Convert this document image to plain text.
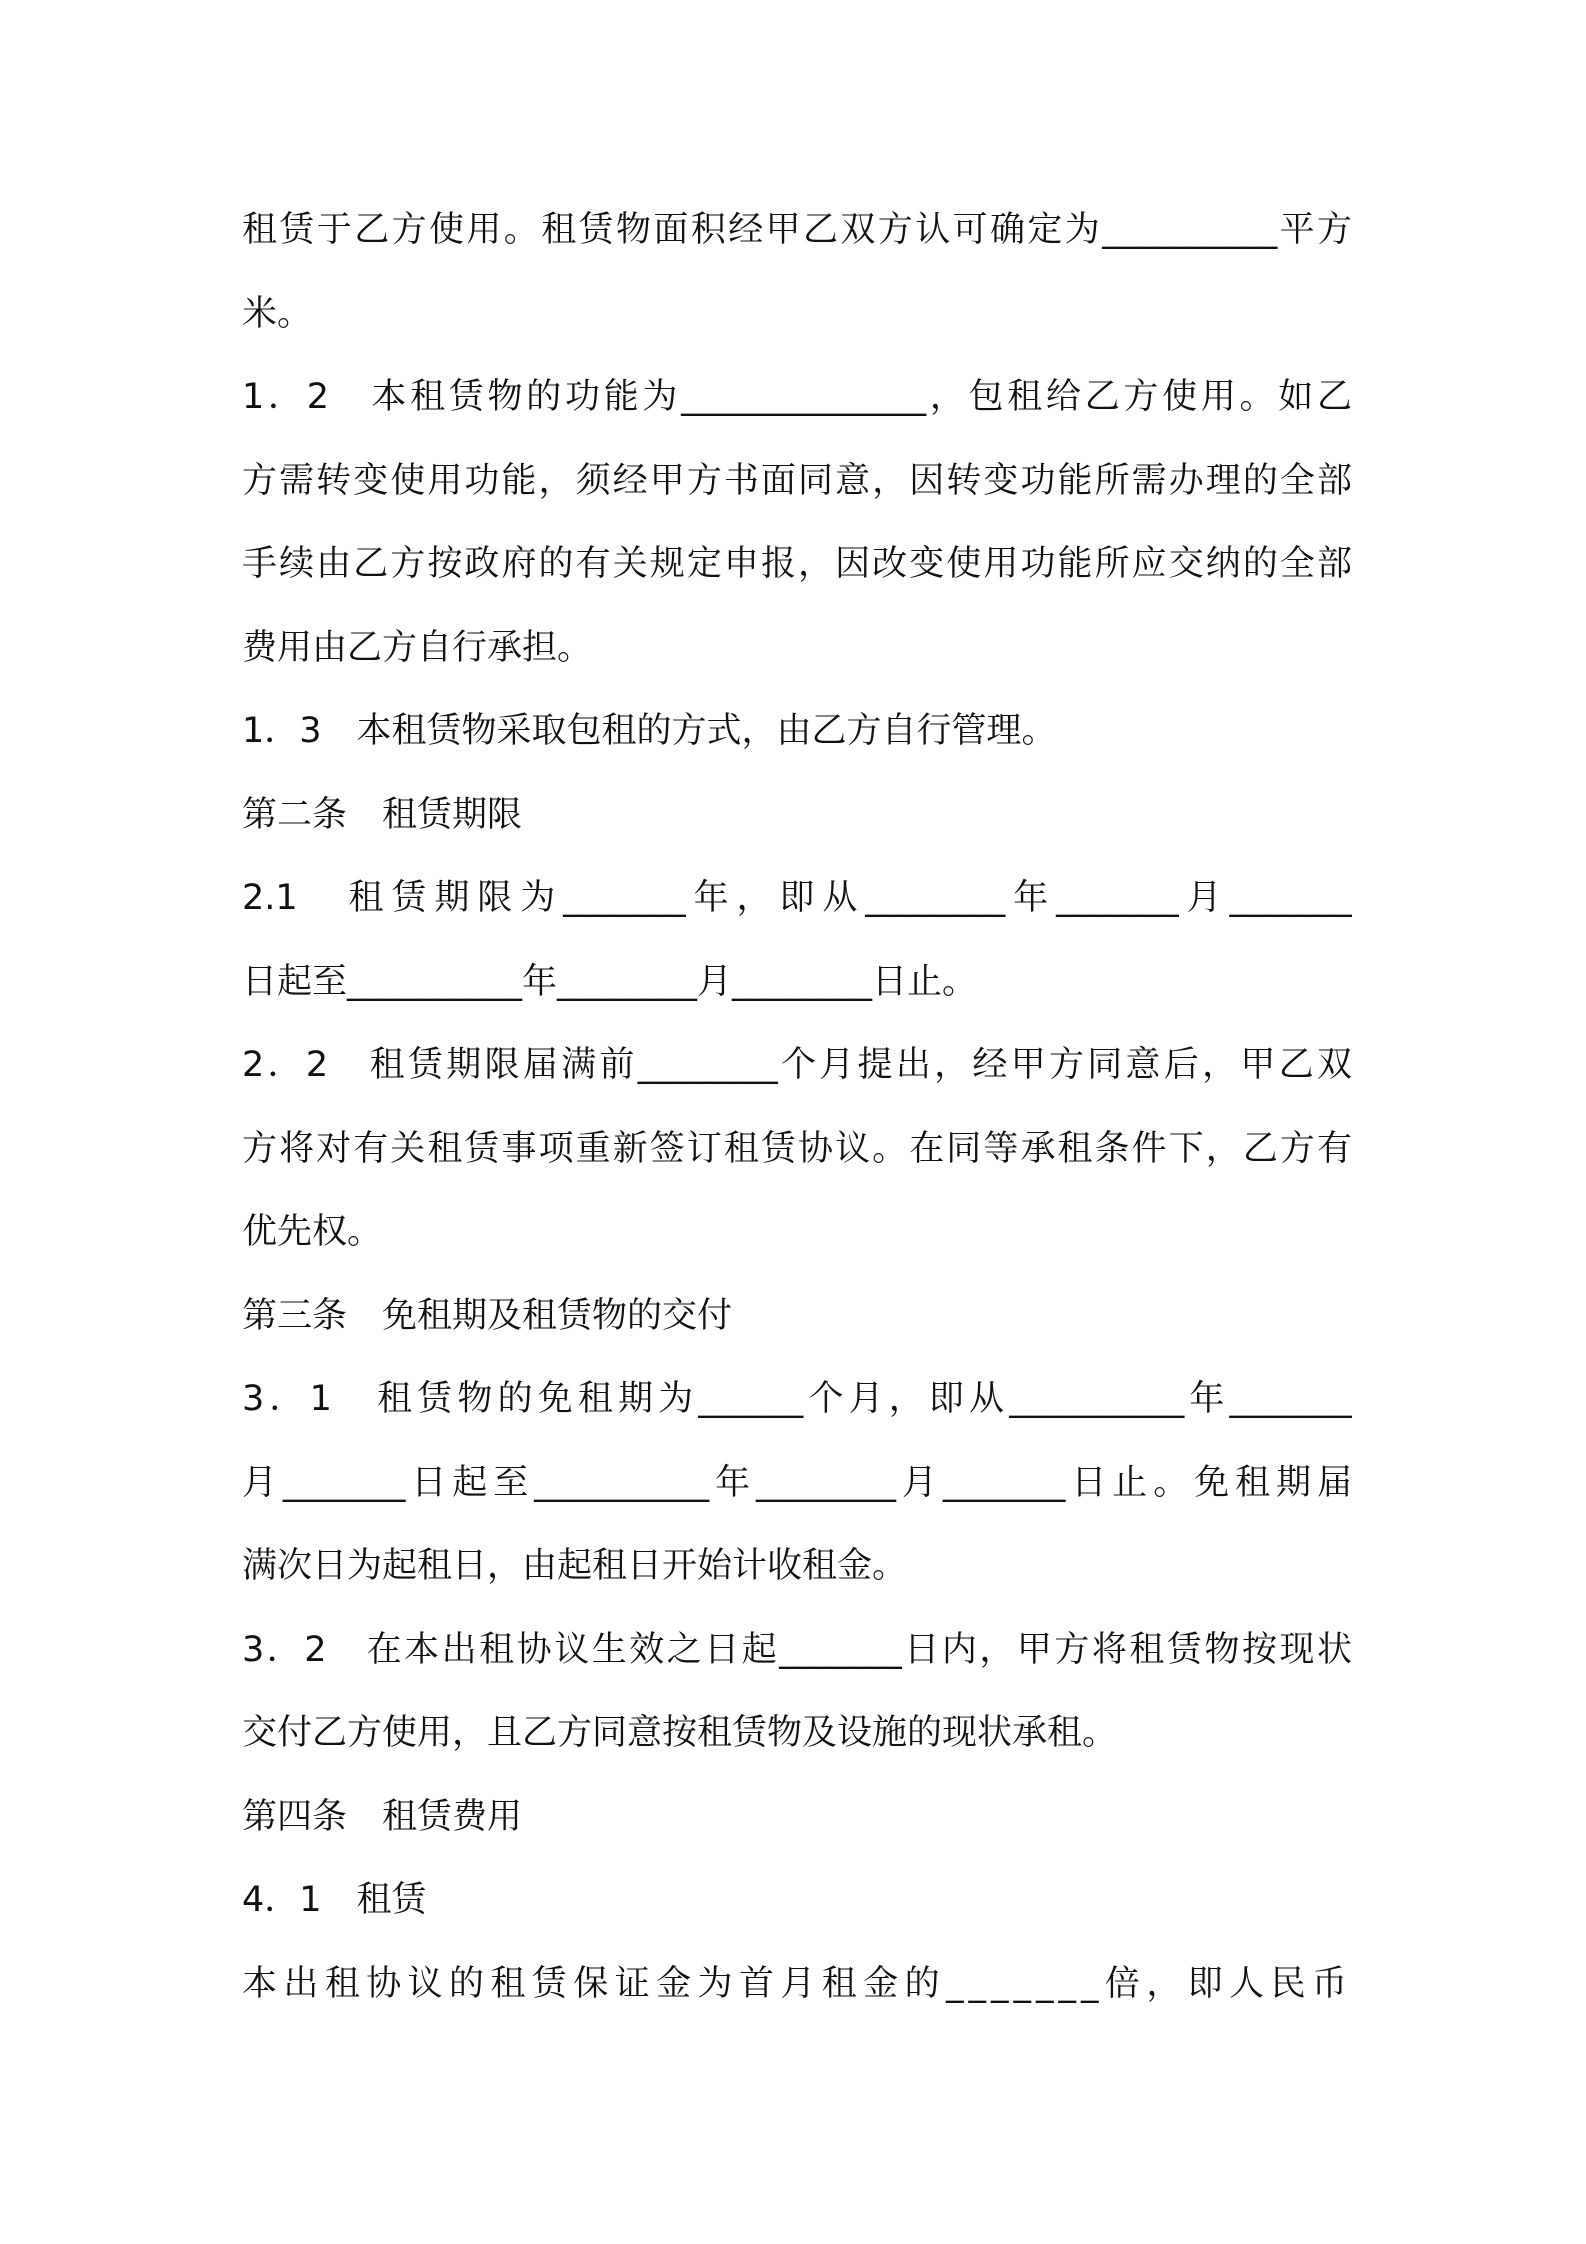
租赁于乙方使用。租赁物面积经甲乙双方认可确定为__________平方
米。
1．2　本租赁物的功能为______________，包租给乙方使用。如乙
方需转变使用功能，须经甲方书面同意，因转变功能所需办理的全部
手续由乙方按政府的有关规定申报，因改变使用功能所应交纳的全部
费用由乙方自行承担。
1．3　本租赁物采取包租的方式，由乙方自行管理。
第二条　租赁期限
2.1　租赁期限为_______年，即从________年_______月_______
日起至__________年________月________日止。
2．2　租赁期限届满前________个月提出，经甲方同意后，甲乙双
方将对有关租赁事项重新签订租赁协议。在同等承租条件下，乙方有
优先权。
第三条　免租期及租赁物的交付
3．1　租赁物的免租期为______个月，即从__________年_______
月_______日起至__________年________月_______日止。免租期届
满次日为起租日，由起租日开始计收租金。
3．2　在本出租协议生效之日起_______日内，甲方将租赁物按现状
交付乙方使用，且乙方同意按租赁物及设施的现状承租。
第四条　租赁费用
4．1　租赁
本出租协议的租赁保证金为首月租金的_______倍，即人民币
